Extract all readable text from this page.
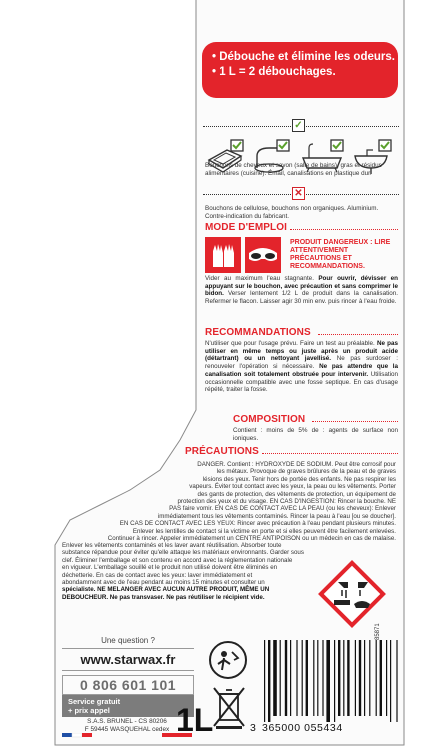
• Débouche et élimine les odeurs.
• 1 L = 2 débouchages.
✓
Bouchons de cheveux et savon (salle de bains), gras et résidus alimentaires (cuisine). Émail, canalisations en plastique dur.
✕
Bouchons de cellulose, bouchons non organiques. Aluminium. Contre-indication du fabricant.
MODE D'EMPLOI
PRODUIT DANGEREUX : LIRE ATTENTIVEMENT PRÉCAUTIONS ET RECOMMANDATIONS.
Vider au maximum l'eau stagnante. Pour ouvrir, dévisser en appuyant sur le bouchon, avec précaution et sans comprimer le bidon. Verser lentement 1/2 L de produit dans la canalisation. Refermer le flacon. Laisser agir 30 min env. puis rincer à l'eau froide.
RECOMMANDATIONS
N'utiliser que pour l'usage prévu. Faire un test au préalable. Ne pas utiliser en même temps ou juste après un produit acide (détartrant) ou un nettoyant javellisé. Ne pas surdoser : renouveler l'opération si nécessaire. Ne pas attendre que la canalisation soit totalement obstruée pour intervenir. Utilisation occasionnelle compatible avec une fosse septique. En cas d'usage répété, traiter la fosse.
COMPOSITION
Contient : moins de 5% de : agents de surface non ioniques.
PRÉCAUTIONS
DANGER. Contient : HYDROXYDE DE SODIUM. Peut être corrosif pour
les métaux. Provoque de graves brûlures de la peau et de graves
lésions des yeux. Tenir hors de portée des enfants. Ne pas respirer les
vapeurs. Éviter tout contact avec les yeux, la peau ou les vêtements. Porter
des gants de protection, des vêtements de protection, un équipement de
protection des yeux et du visage. EN CAS D'INGESTION: Rincer la bouche. NE
PAS faire vomir. EN CAS DE CONTACT AVEC LA PEAU (ou les cheveux): Enlever
immédiatement tous les vêtements contaminés. Rincer la peau à l'eau [ou se doucher].
EN CAS DE CONTACT AVEC LES YEUX: Rincer avec précaution à l'eau pendant plusieurs minutes.
Enlever les lentilles de contact si la victime en porte et si elles peuvent être facilement enlevées.
Continuer à rincer. Appeler immédiatement un CENTRE ANTIPOISON ou un médecin en cas de malaise.
Enlever les vêtements contaminés et les laver avant réutilisation. Absorber toute
substance répandue pour éviter qu'elle attaque les matériaux environnants. Garder sous
clef. Éliminer l'emballage et son contenu en accord avec la réglementation nationale
en vigueur. L'emballage souillé et le produit non utilisé doivent être éliminés en
déchetterie. En cas de contact avec les yeux: laver immédiatement et
abondamment avec de l'eau pendant au moins 15 minutes et consulter un
spécialiste. NE MELANGER AVEC AUCUN AUTRE PRODUIT, MÊME UN
DEBOUCHEUR. Ne pas transvaser. Ne pas réutiliser le récipient vide.
Une question ?
www.starwax.fr
0 806 601 101
Service gratuit
+ prix appel
S.A.S. BRUNEL - CS 80206
F 59445 WASQUEHAL cedex 1L	3 365000 055434
85871
